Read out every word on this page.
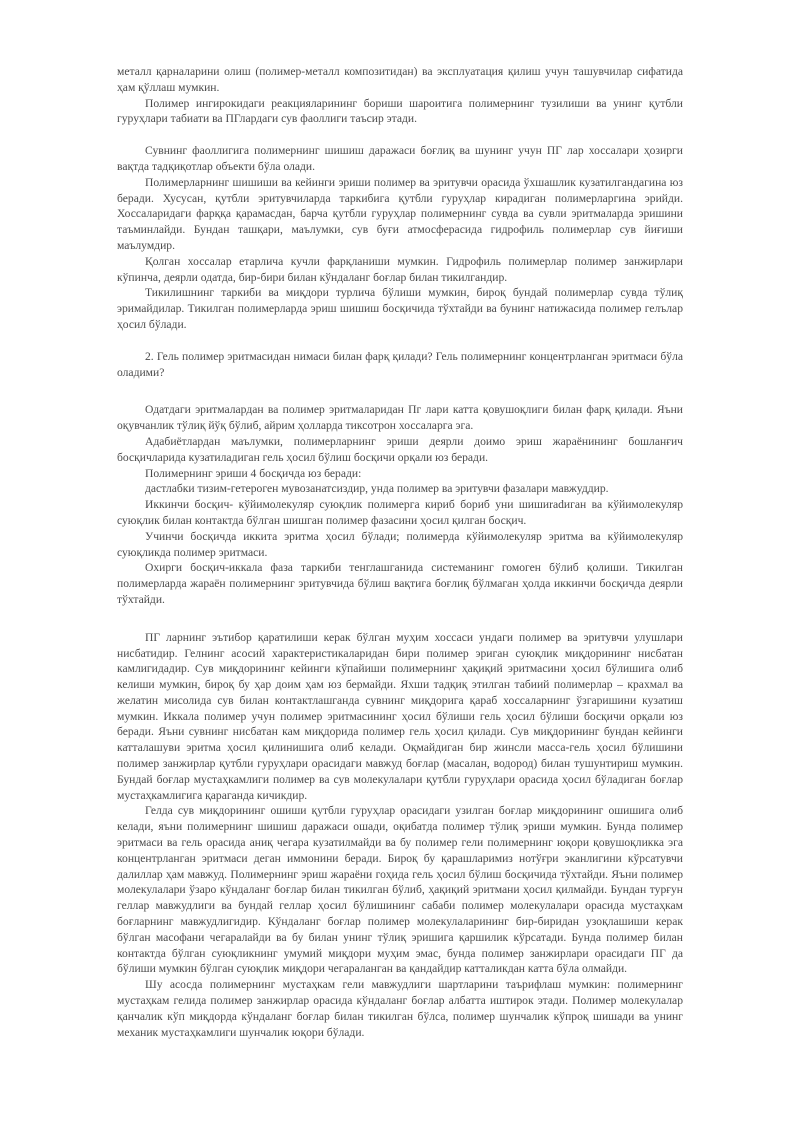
металл қарналарини олиш (полимер-металл композитидан) ва эксплуатация қилиш учун ташувчилар сифатида ҳам қўллаш мумкин.

Полимер ингирокидаги реакцияларининг бориши шароитига полимернинг тузилиши ва унинг қутбли гуруҳлари табиати ва ПГлардаги сув фаоллиги таъсир этади.

Сувнинг фаоллигига полимернинг шишиш даражаси боғлиқ ва шунинг учун ПГ лар хоссалари ҳозирги вақтда тадқиқотлар объекти бўла олади.

Полимерларнинг шишиши ва кейинги эриши полимер ва эритувчи орасида ўхшашлик кузатилгандагина юз беради. Хусусан, қутбли эритувчиларда таркибига қутбли гуруҳлар кирадиган полимерларгина эрийди. Хоссаларидаги фарққа қарамасдан, барча қутбли гуруҳлар полимернинг сувда ва сувли эритмаларда эришини таъминлайди. Бундан ташқари, маълумки, сув буғи атмосферасида гидрофиль полимерлар сув йиғиши маълумдир.

Қолган хоссалар етарлича кучли фарқланиши мумкин. Гидрофиль полимерлар полимер занжирлари кўпинча, деярли одатда, бир-бири билан кўндаланг боғлар билан тикилгандир.

Тикилишнинг таркиби ва миқдори турлича бўлиши мумкин, бироқ бундай полимерлар сувда тўлиқ эримайдилар. Тикилган полимерларда эриш шишиш босқичида тўхтайди ва бунинг натижасида полимер гелълар ҳосил бўлади.

2. Гель полимер эритмасидан нимаси билан фарқ қилади? Гель полимернинг концентрланган эритмаси бўла оладими?

Одатдаги эритмалардан ва полимер эритмаларидан Пг лари катта қовушоқлиги билан фарқ қилади. Яъни оқувчанлик тўлиқ йўқ бўлиб, айрим ҳолларда тиксотрон хоссаларга эга.

Адабиётлардан маълумки, полимерларнинг эриши деярли доимо эриш жараёнининг бошланғич босқичларида кузатиладиган гель ҳосил бўлиш босқичи орқали юз беради.

Полимернинг эриши 4 босқичда юз беради:

дастлабки тизим-гетероген мувозанатсиздир, унда полимер ва эритувчи фазалари мавжуддир.

Иккинчи босқич- кўйимолекуляр суюқлик полимерга кириб бориб уни шишиradиган ва кўйимолекуляр суюқлик билан контактда бўлган шишган полимер фазасини ҳосил қилган босқич.

Учинчи босқичда иккита эритма ҳосил бўлади; полимерда кўйимолекуляр эритма ва кўйимолекуляр суюқликда полимер эритмаси.

Охирги босқич-иккала фаза таркиби тенглашганида системанинг гомоген бўлиб қолиши. Тикилган полимерларда жараён полимернинг эритувчида бўлиш вақтига боғлиқ бўлмаган ҳолда иккинчи босқичда деярли тўхтайди.

ПГ ларнинг эътибор қаратилиши керак бўлган муҳим хоссаси ундаги полимер ва эритувчи улушлари нисбатидир. Гелнинг асосий характеристикаларидан бири полимер эриган суюқлик миқдорининг нисбатан камлигидадир. Сув миқдорининг кейинги кўпайиши полимернинг ҳақиқий эритмасини ҳосил бўлишига олиб келиши мумкин, бироқ бу ҳар доим ҳам юз бермайди. Яхши тадқиқ этилган табиий полимерлар – крахмал ва желатин мисолида сув билан контактлашганда сувнинг миқдорига қараб хоссаларнинг ўзгаришини кузатиш мумкин. Иккала полимер учун полимер эритмасининг ҳосил бўлиши гель ҳосил бўлиши босқичи орқали юз беради. Яъни сувнинг нисбатан кам миқдорида полимер гель ҳосил қилади. Сув миқдорининг бундан кейинги катталашуви эритма ҳосил қилинишига олиб келади. Оқмайдиган бир жинсли масса-гель ҳосил бўлишини полимер занжирлар қутбли гуруҳлари орасидаги мавжуд боғлар (масалан, водород) билан тушунтириш мумкин. Бундай боғлар мустаҳкамлиги полимер ва сув молекулалари қутбли гуруҳлари орасида ҳосил бўладиган боғлар мустаҳкамлигига қараганда кичикдир.

Гелда сув миқдорининг ошиши қутбли гуруҳлар орасидаги узилган боғлар миқдорининг ошишига олиб келади, яъни полимернинг шишиш даражаси ошади, оқибатда полимер тўлиқ эриши мумкин. Бунда полимер эритмаси ва гель орасида аниқ чегара кузатилмайди ва бу полимер гели полимернинг юқори қовушоқликка эга концентрланган эритмаси деган иммонини беради. Бироқ бу қарашларимиз нотўғри эканлигини кўрсатувчи далиллар ҳам мавжуд. Полимернинг эриш жараёни гоҳида гель ҳосил бўлиш босқичида тўхтайди. Яъни полимер молекулалари ўзаро кўндаланг боғлар билан тикилган бўлиб, ҳақиқий эритмани ҳосил қилмайди. Бундан турғун геллар мавжудлиги ва бундай геллар ҳосил бўлишининг сабаби полимер молекулалари орасида мустаҳкам боғларнинг мавжудлигидир. Кўндаланг боғлар полимер молекулаларининг бир-биридан узоқлашиши керак бўлган масофани чегаралайди ва бу билан унинг тўлиқ эришига қаршилик кўрсатади. Бунда полимер билан контактда бўлган суюқликнинг умумий миқдори муҳим эмас, бунда полимер занжирлари орасидаги ПГ да бўлиши мумкин бўлган суюқлик миқдори чегараланган ва қандайдир катталикдан катта бўла олмайди.

Шу асосда полимернинг мустаҳкам гели мавжудлиги шартларини таърифлаш мумкин: полимернинг мустаҳкам гелида полимер занжирлар орасида кўндаланг боғлар албатта иштирок этади. Полимер молекулалар қанчалик кўп миқдорда кўндаланг боғлар билан тикилган бўлса, полимер шунчалик кўпроқ шишади ва унинг механик мустаҳкамлиги шунчалик юқори бўлади.
